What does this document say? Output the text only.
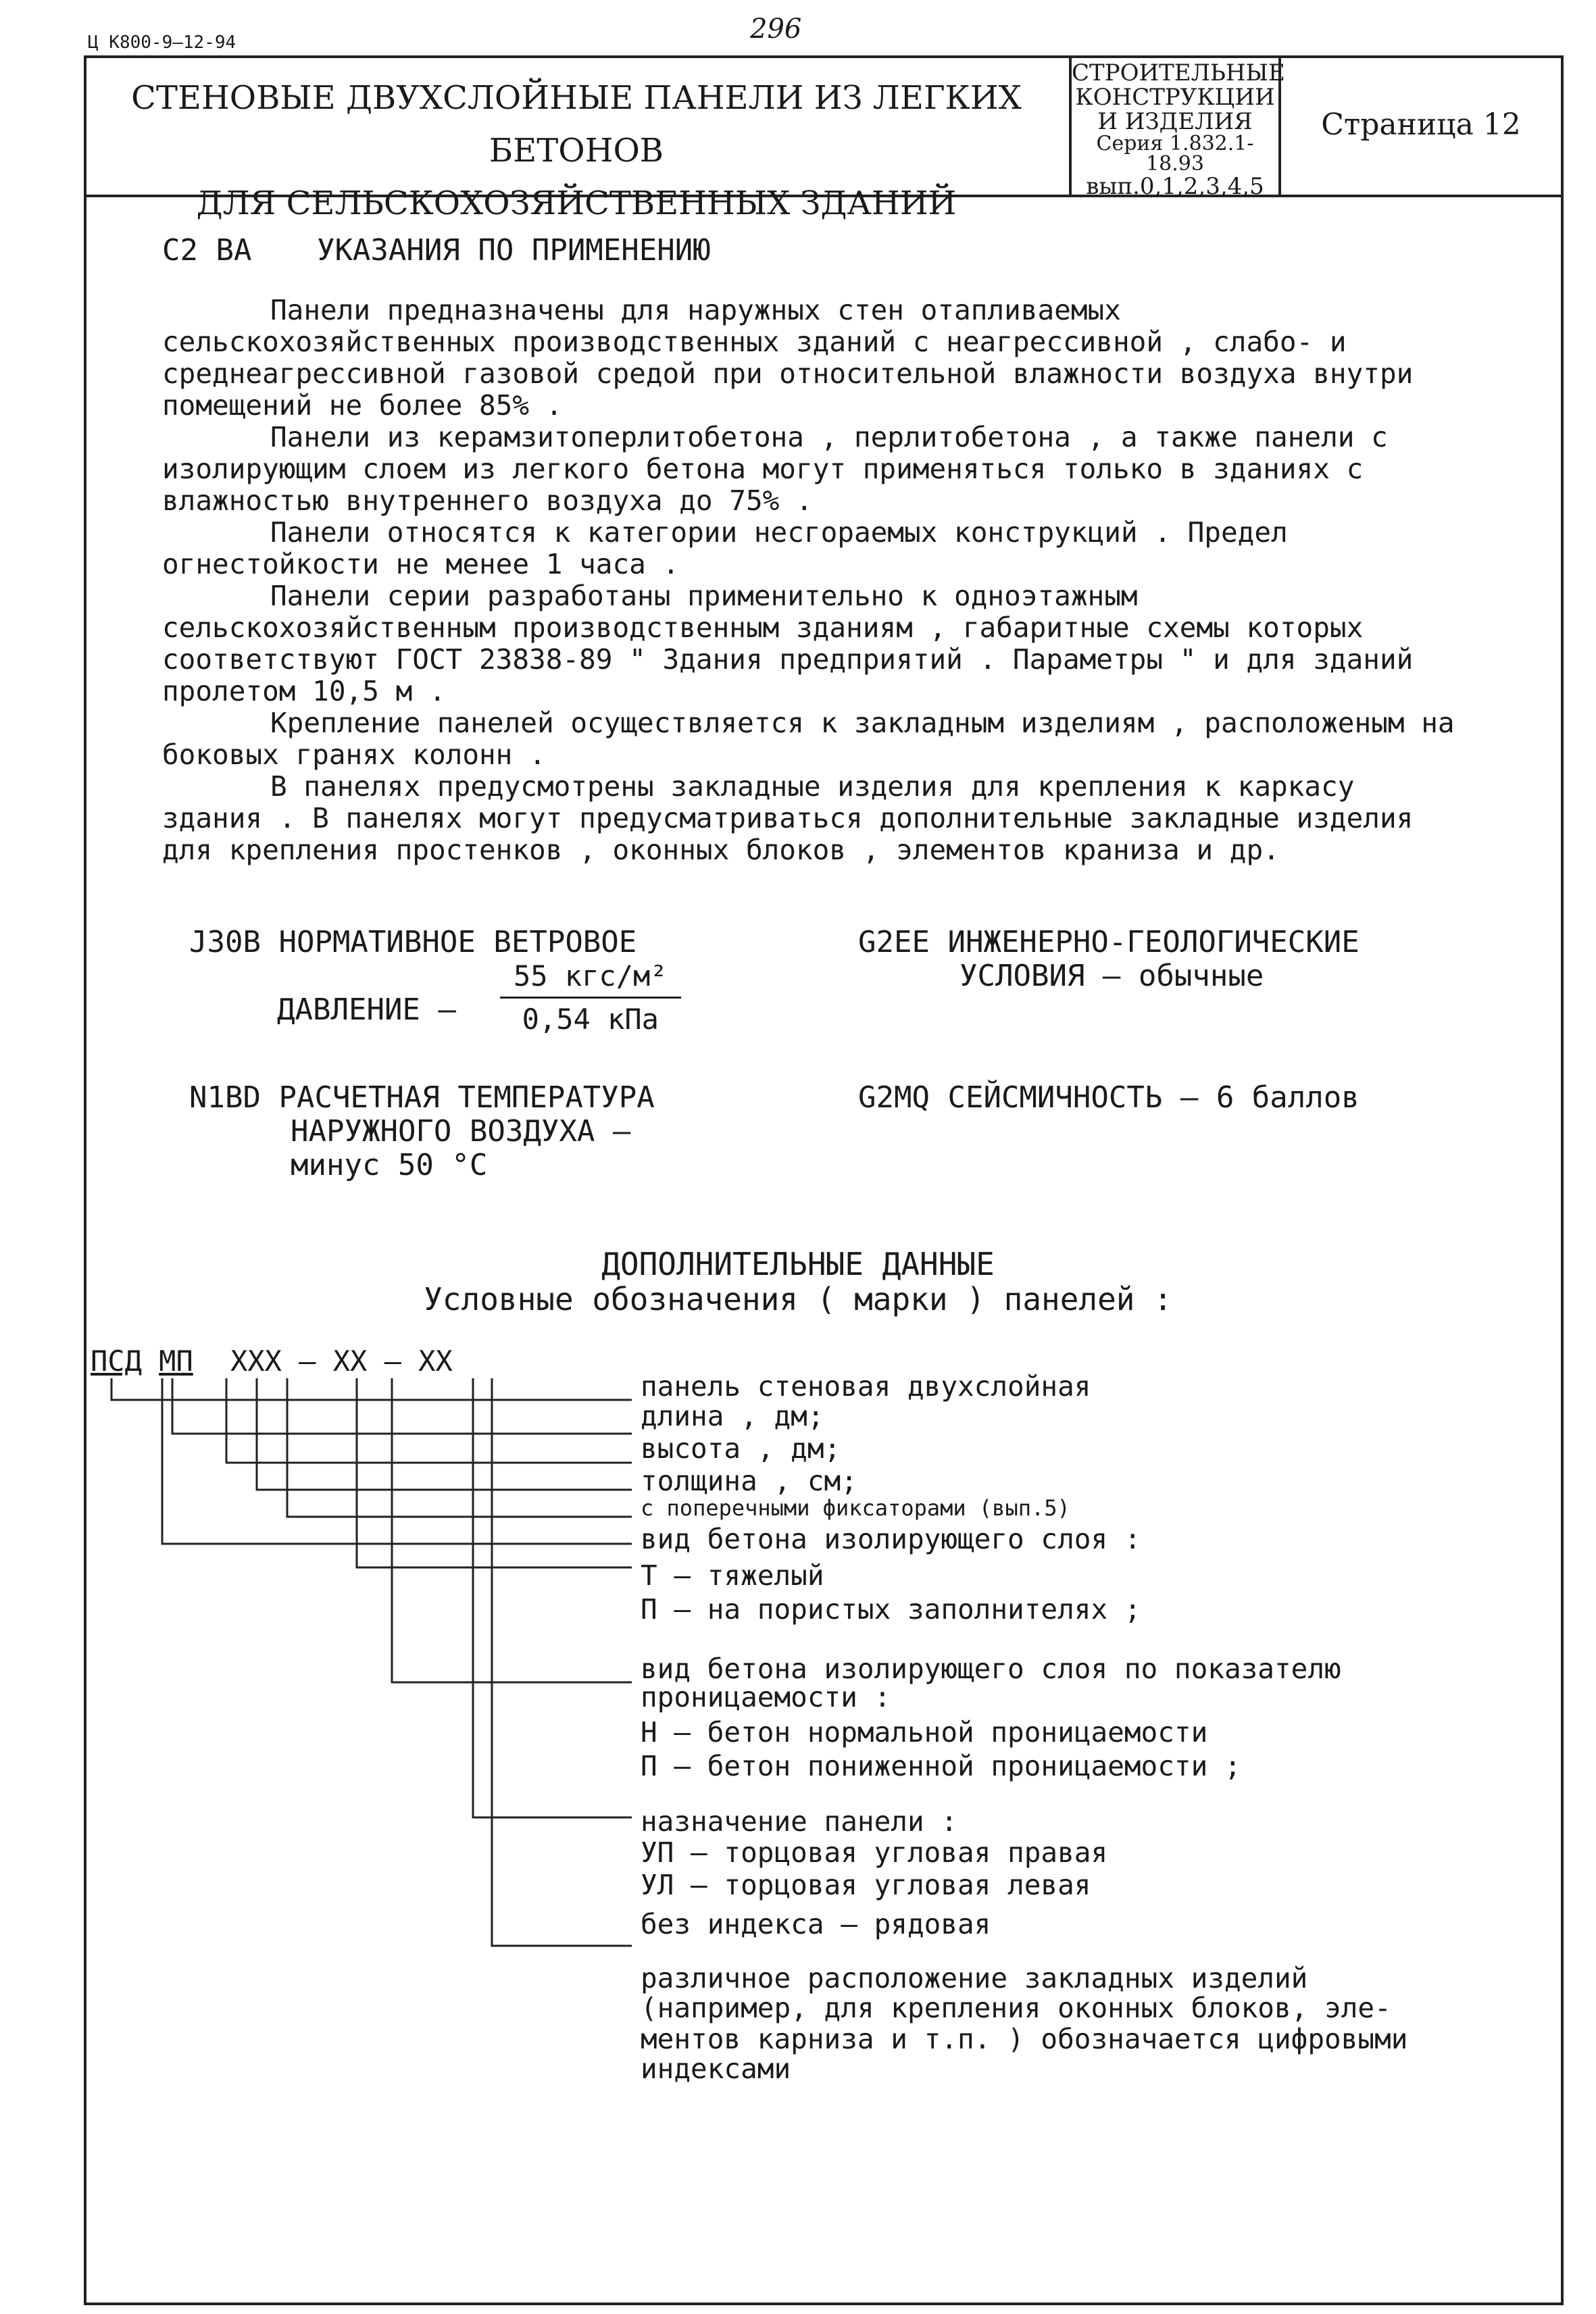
Ц К800-9—12-94	296
СТЕНОВЫЕ ДВУХСЛОЙНЫЕ ПАНЕЛИ ИЗ ЛЕГКИХ БЕТОНОВ
ДЛЯ СЕЛЬСКОХОЗЯЙСТВЕННЫХ ЗДАНИЙ
СТРОИТЕЛЬНЫЕ
КОНСТРУКЦИИ
И ИЗДЕЛИЯ
Серия 1.832.1-18.93
вып.0,1,2,3,4,5
Страница 12
C2 ВА УКАЗАНИЯ ПО ПРИМЕНЕНИЮ

Панели предназначены для наружных стен отапливаемых сельскохозяйственных производственных зданий с неагрессивной , слабо- и среднеагрессивной газовой средой при относительной влажности воздуха внутри помещений не более 85% .

Панели из керамзитоперлитобетона , перлитобетона , а также панели с изолирующим слоем из легкого бетона могут применяться только в зданиях с влажностью внутреннего воздуха до 75% .

Панели относятся к категории несгораемых конструкций . Предел огнестойкости не менее 1 часа .

Панели серии разработаны применительно к одноэтажным сельскохозяйственным производственным зданиям , габаритные схемы которых соответствуют ГОСТ 23838-89 " Здания предприятий . Параметры " и для зданий пролетом 10,5 м .

Крепление панелей осуществляется к закладным изделиям , расположеным на боковых гранях колонн .

В панелях предусмотрены закладные изделия для крепления к каркасу здания . В панелях могут предусматриваться дополнительные закладные изделия для крепления простенков , оконных блоков , элементов краниза и др.

J30B НОРМАТИВНОЕ ВЕТРОВОЕ
ДАВЛЕНИЕ –
55 кгс/м²
0,54 кПа
G2EE ИНЖЕНЕРНО-ГЕОЛОГИЧЕСКИЕ
УСЛОВИЯ – обычные
N1BD РАСЧЕТНАЯ ТЕМПЕРАТУРА
НАРУЖНОГО ВОЗДУХА –
минус 50 °С
G2MQ СЕЙСМИЧНОСТЬ – 6 баллов
ДОПОЛНИТЕЛЬНЫЕ ДАННЫЕ
Условные обозначения ( марки ) панелей :
ПСД МП XXX – XX – XX
панель стеновая двухслойная
длина , дм;
высота , дм;
толщина , см;
с поперечными фиксаторами (вып.5)
вид бетона изолирующего слоя :
Т – тяжелый
П – на пористых заполнителях ;
вид бетона изолирующего слоя по показателю
проницаемости :
Н – бетон нормальной проницаемости
П – бетон пониженной проницаемости ;
назначение панели :
УП – торцовая угловая правая
УЛ – торцовая угловая левая
без индекса – рядовая
различное расположение закладных изделий
(например, для крепления оконных блоков, эле-
ментов карниза и т.п. ) обозначается цифровыми
индексами
